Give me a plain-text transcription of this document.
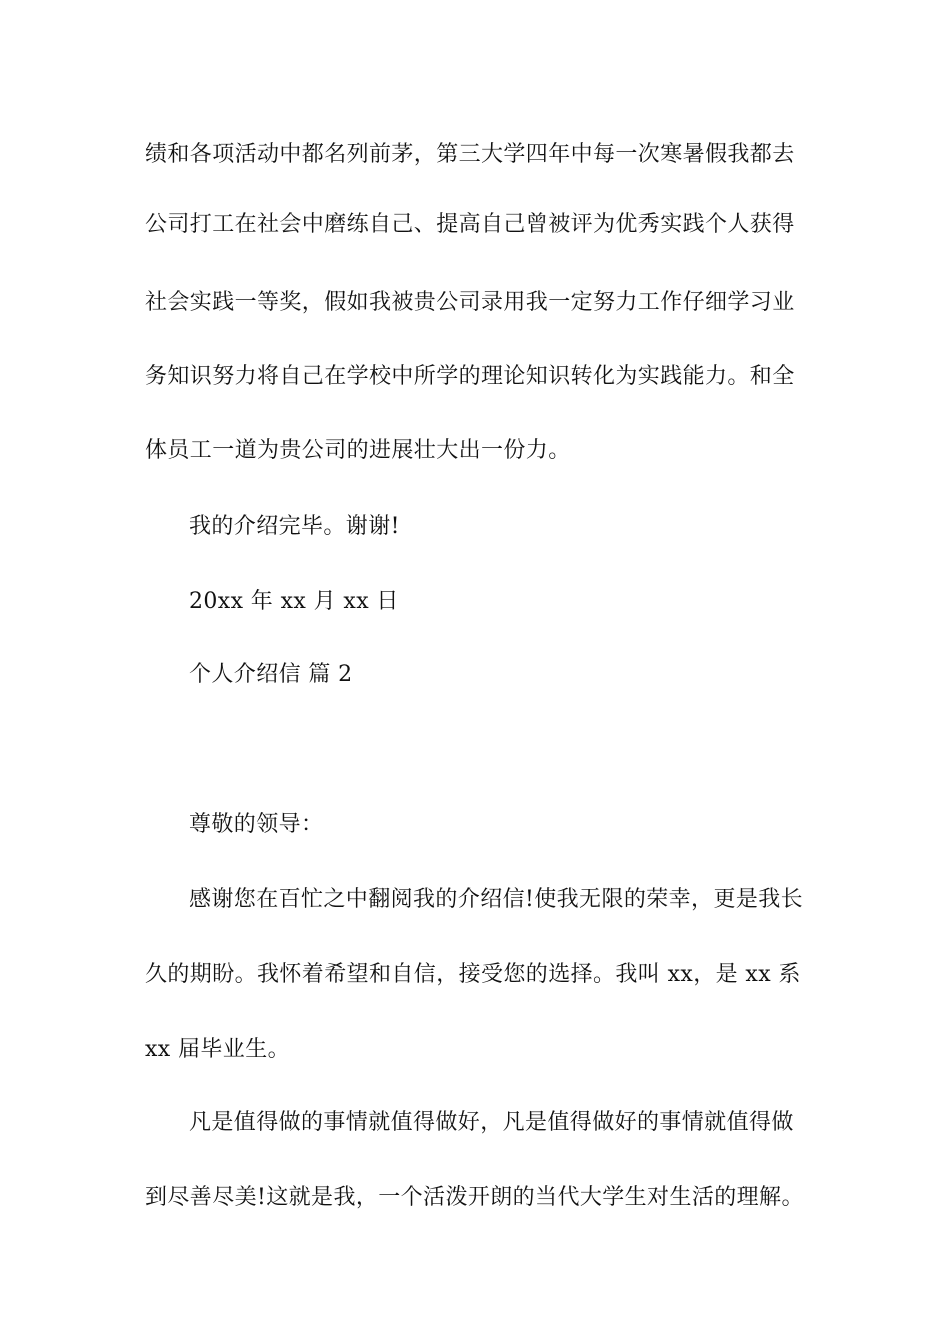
绩和各项活动中都名列前茅，第三大学四年中每一次寒暑假我都去

公司打工在社会中磨练自己、提高自己曾被评为优秀实践个人获得

社会实践一等奖，假如我被贵公司录用我一定努力工作仔细学习业

务知识努力将自己在学校中所学的理论知识转化为实践能力。和全

体员工一道为贵公司的进展壮大出一份力。

我的介绍完毕。谢谢!

20xx 年 xx 月 xx 日

个人介绍信 篇 2

尊敬的领导：

感谢您在百忙之中翻阅我的介绍信!使我无限的荣幸，更是我长

久的期盼。我怀着希望和自信，接受您的选择。我叫 xx，是 xx 系

xx 届毕业生。

凡是值得做的事情就值得做好，凡是值得做好的事情就值得做

到尽善尽美!这就是我，一个活泼开朗的当代大学生对生活的理解。
